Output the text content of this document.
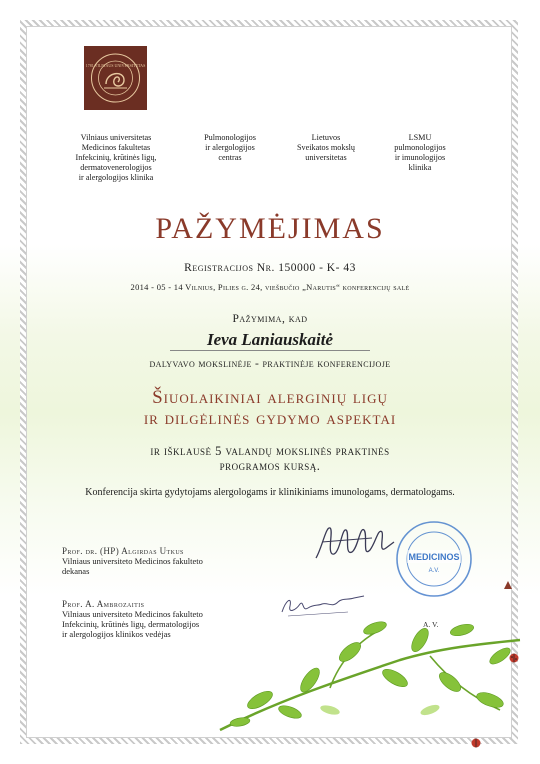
1781 VILNIAUS UNIVERSITETAS
Vilniaus universitetas
Medicinos fakultetas
Infekcinių, krūtinės ligų,
dermatovenerologijos
ir alergologijos klinika
Pulmonologijos
ir alergologijos
centras
Lietuvos
Sveikatos mokslų
universitetas
LSMU
pulmonologijos
ir imunologijos
klinika
PAŽYMĖJIMAS
Registracijos Nr. 150000 - K- 43
2014 - 05 - 14 Vilnius, Pilies g. 24, viešbučio „Narutis“ konferencijų salė
Pažymima, kad
Ieva Laniauskaitė
dalyvavo mokslinėje - praktinėje konferencijoje
Šiuolaikiniai alerginių ligų
ir dilgėlinės gydymo aspektai
ir išklausė 5 valandų mokslinės praktinės
programos kursą.
Konferencija skirta gydytojams alergologams ir klinikiniams imunologams, dermatologams.
Prof. dr. (HP) Algirdas Utkus
Vilniaus universiteto Medicinos fakulteto
dekanas
Prof. A. Ambrozaitis
Vilniaus universiteto Medicinos fakulteto
Infekcinių, krūtinės ligų, dermatologijos
ir alergologijos klinikos vedėjas
MEDICINOS
A.V.
A. V.
